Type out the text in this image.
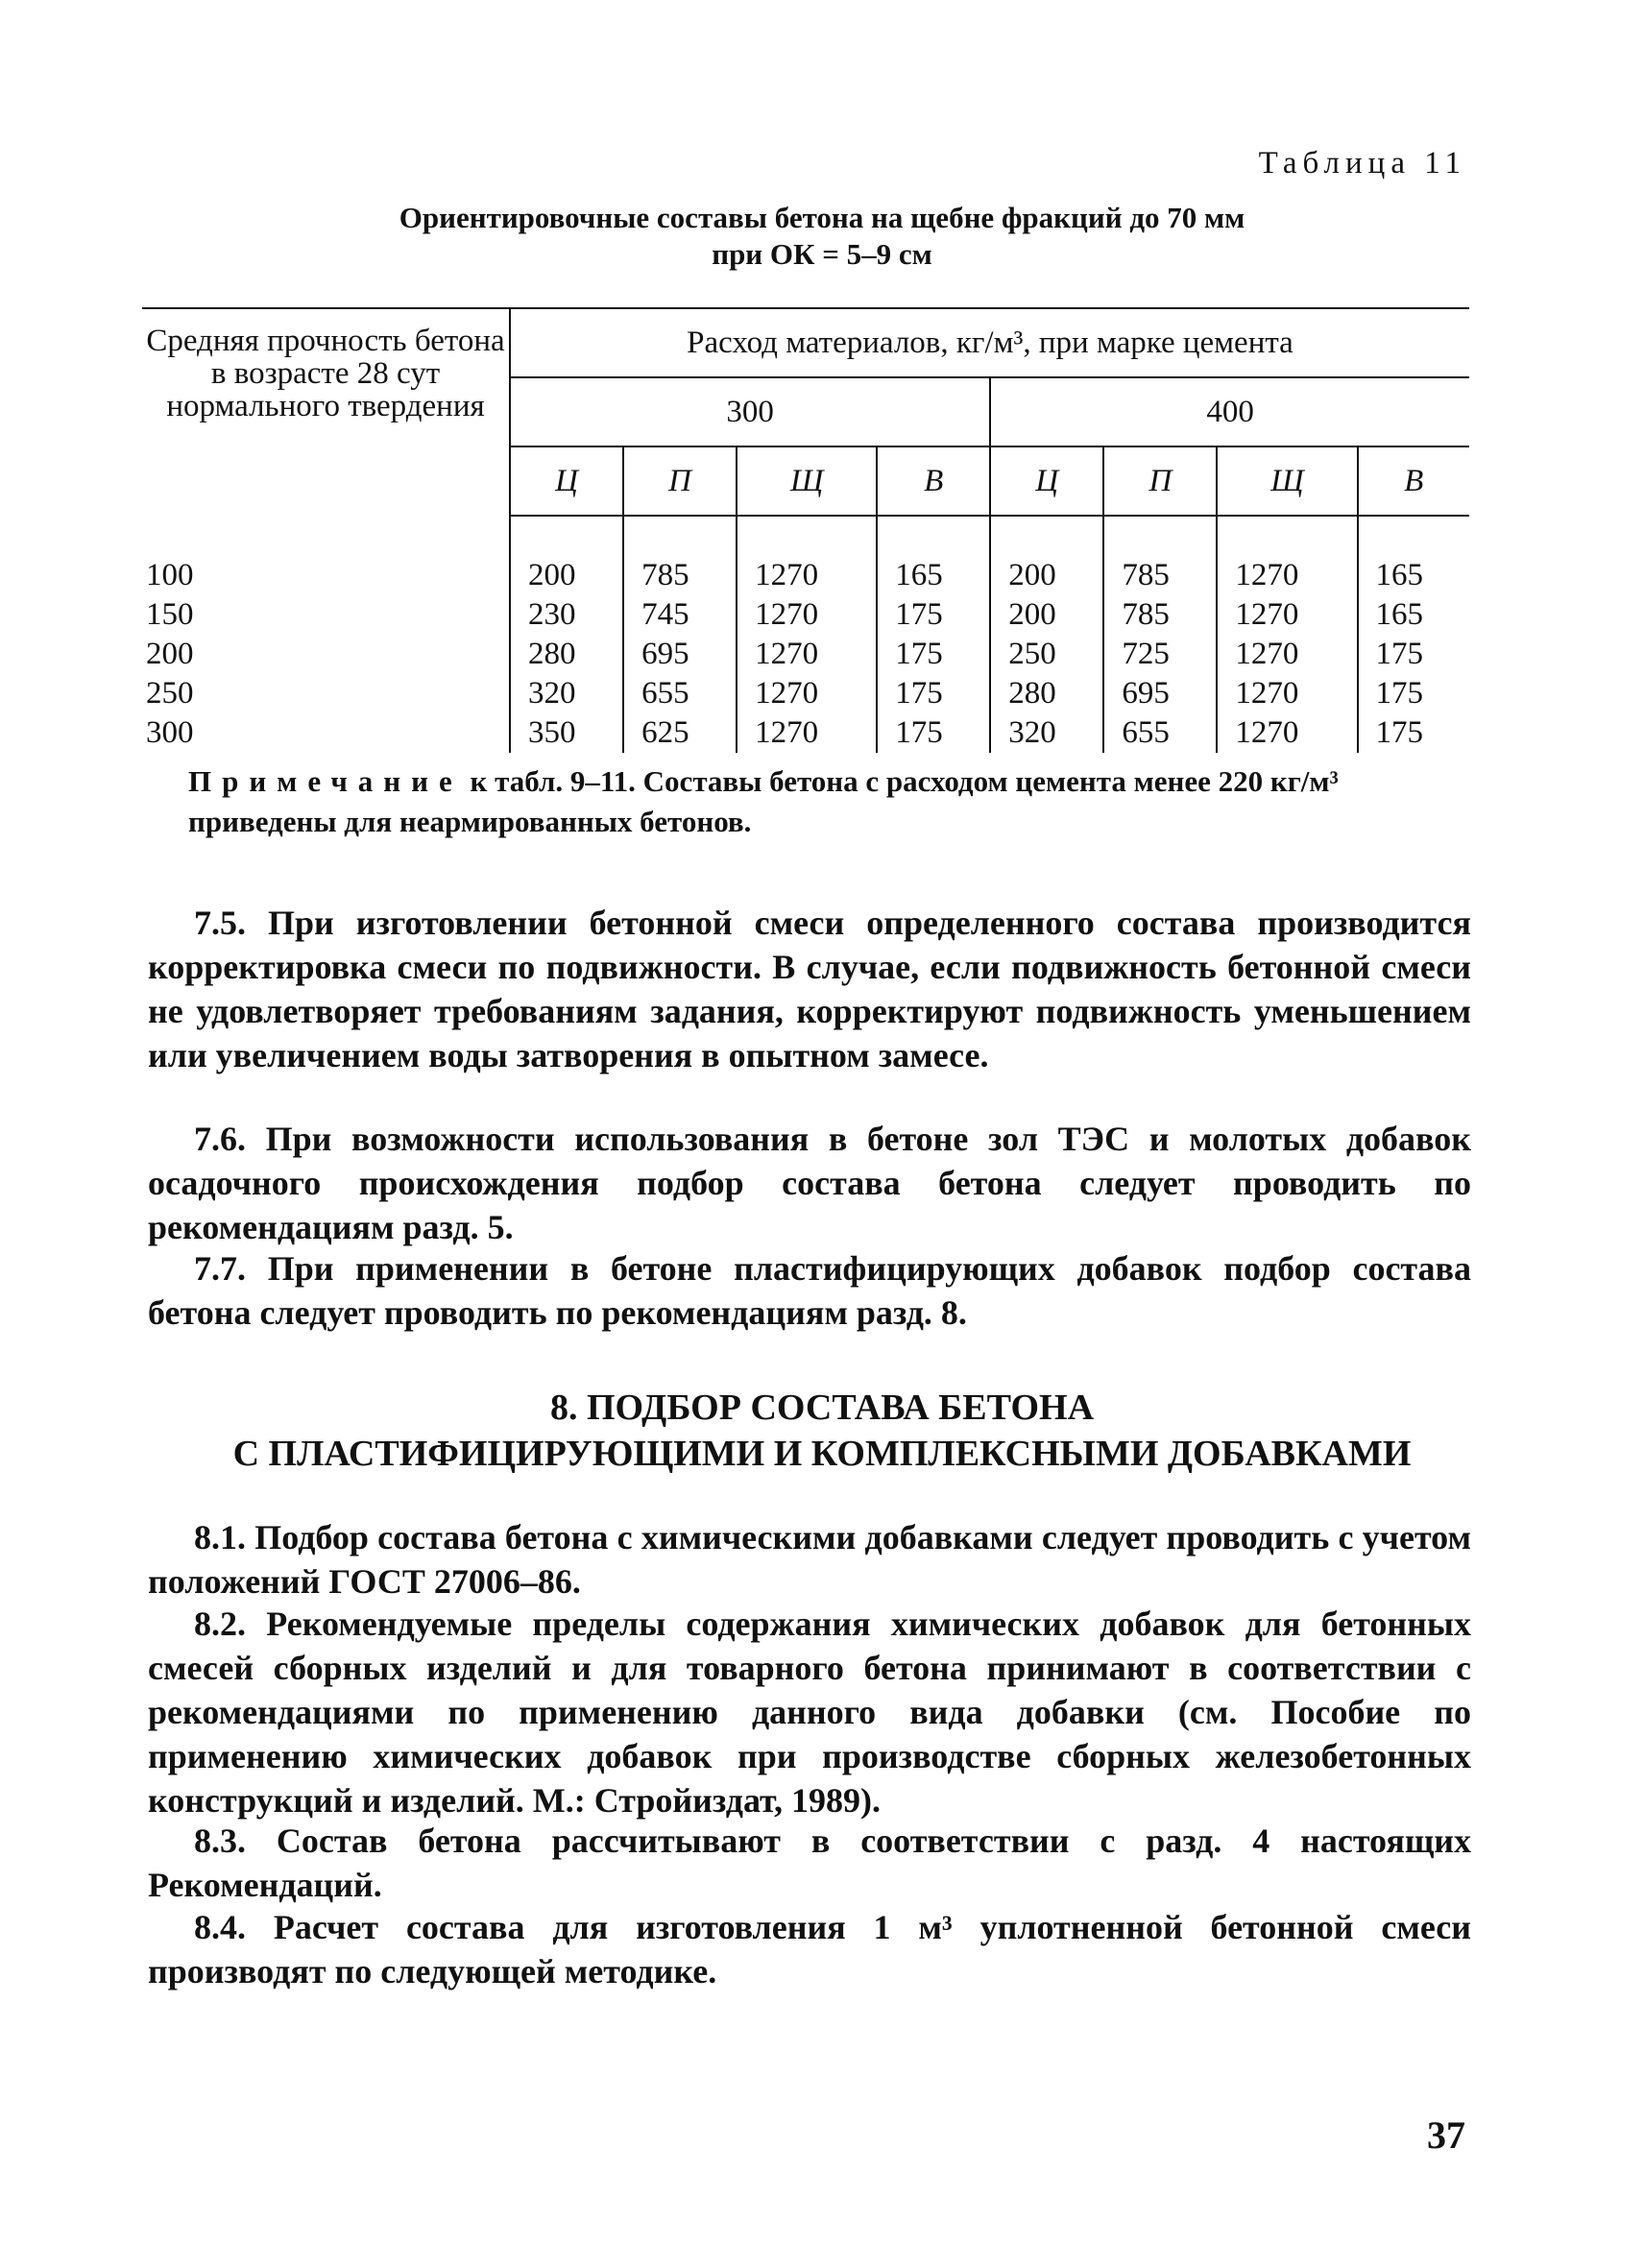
Таблица 11
Ориентировочные составы бетона на щебне фракций до 70 мм
при ОК = 5–9 см
Средняя прочность бетона в возрасте 28 сут нормального твердения	Расход материалов, кг/м³, при марке цемента							
	300				400			
	Ц	П	Щ	В	Ц	П	Щ	В

100	200	785	1270	165	200	785	1270	165
150	230	745	1270	175	200	785	1270	165
200	280	695	1270	175	250	725	1270	175
250	320	655	1270	175	280	695	1270	175
300	350	625	1270	175	320	655	1270	175
Примечание к табл. 9–11. Составы бетона с расходом цемента менее 220 кг/м³ приведены для неармированных бетонов.
7.5. При изготовлении бетонной смеси определенного состава производится корректировка смеси по подвижности. В случае, если подвижность бетонной смеси не удовлетворяет требованиям задания, корректируют подвижность уменьшением или увеличением воды затворения в опытном замесе.
7.6. При возможности использования в бетоне зол ТЭС и молотых добавок осадочного происхождения подбор состава бетона следует проводить по рекомендациям разд. 5.
7.7. При применении в бетоне пластифицирующих добавок подбор состава бетона следует проводить по рекомендациям разд. 8.
8. ПОДБОР СОСТАВА БЕТОНА
С ПЛАСТИФИЦИРУЮЩИМИ И КОМПЛЕКСНЫМИ ДОБАВКАМИ
8.1. Подбор состава бетона с химическими добавками следует проводить с учетом положений ГОСТ 27006–86.
8.2. Рекомендуемые пределы содержания химических добавок для бетонных смесей сборных изделий и для товарного бетона принимают в соответствии с рекомендациями по применению данного вида добавки (см. Пособие по применению химических добавок при производстве сборных железобетонных конструкций и изделий. М.: Стройиздат, 1989).
8.3. Состав бетона рассчитывают в соответствии с разд. 4 настоящих Рекомендаций.
8.4. Расчет состава для изготовления 1 м³ уплотненной бетонной смеси производят по следующей методике.
37
